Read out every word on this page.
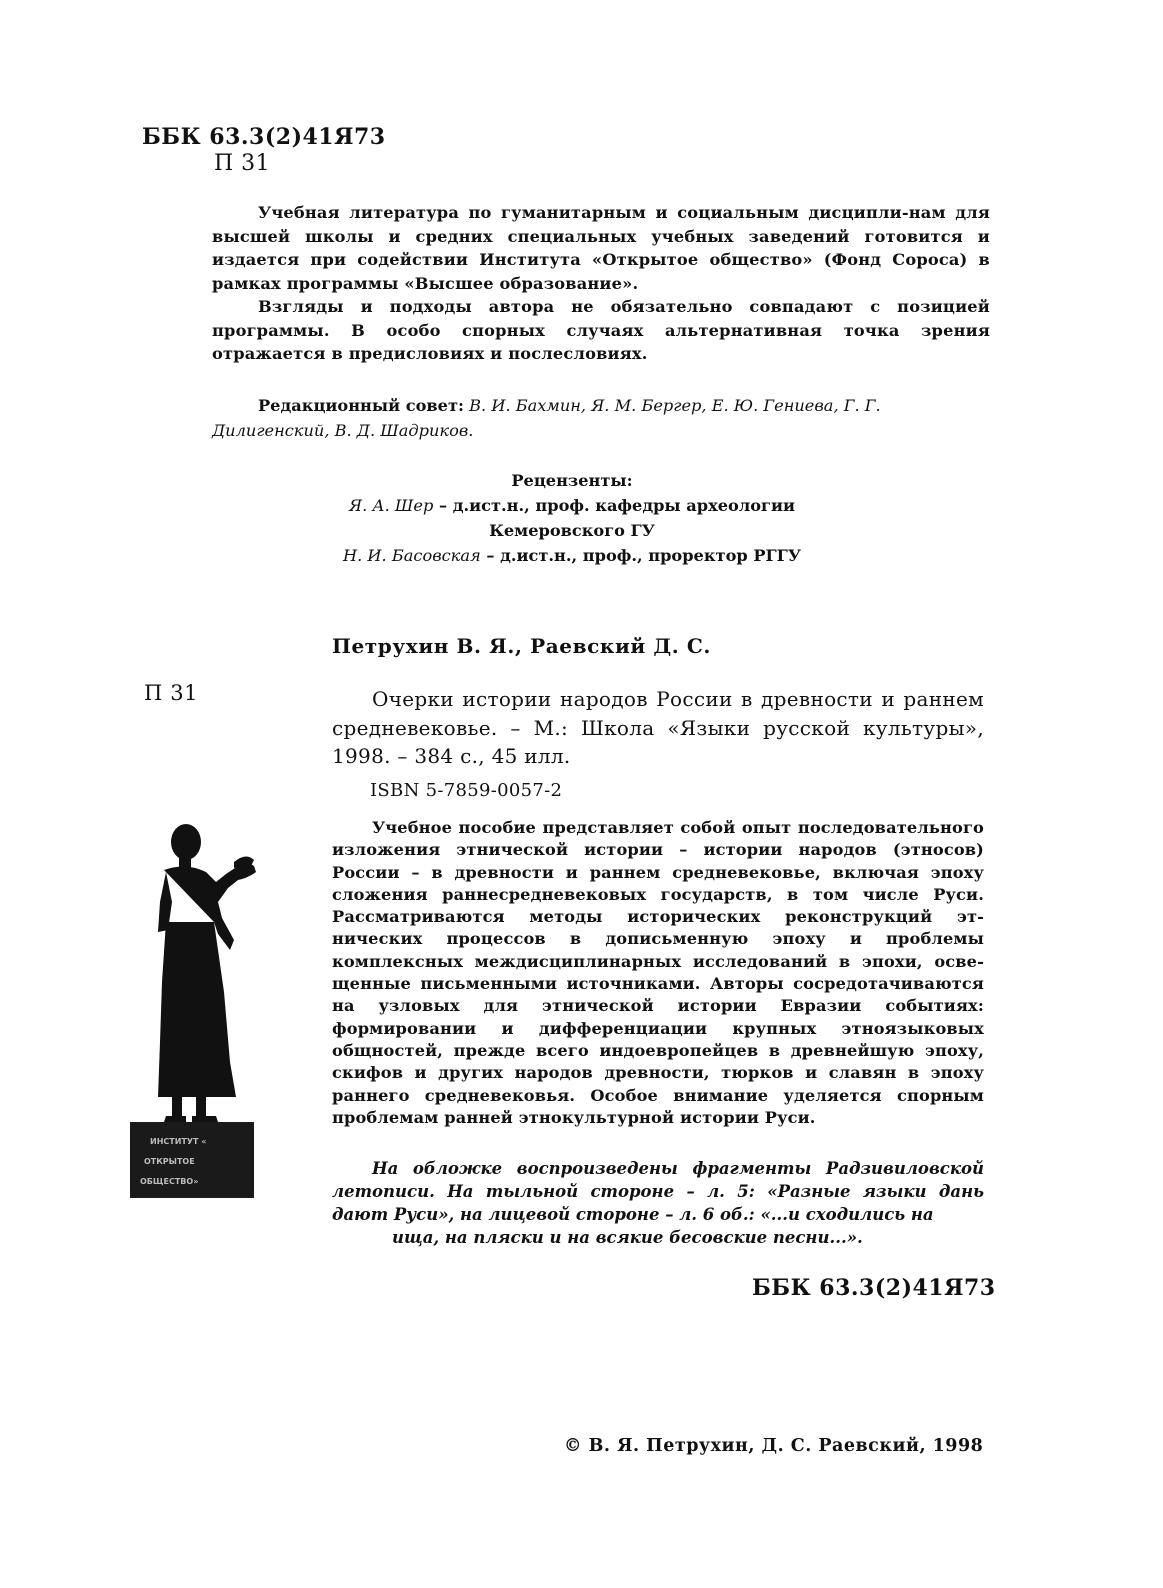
ББК 63.3(2)41Я73
П 31

Учебная литература по гуманитарным и социальным дисципли-нам для высшей школы и средних специальных учебных заведений готовится и издается при содействии Института «Открытое общество» (Фонд Сороса) в рамках программы «Высшее образование».

Взгляды и подходы автора не обязательно совпадают с позицией программы. В особо спорных случаях альтернативная точка зрения отражается в предисловиях и послесловиях.

Редакционный совет: В. И. Бахмин, Я. М. Бергер, Е. Ю. Гениева, Г. Г. Дилигенский, В. Д. Шадриков.
Рецензенты:
Я. А. Шер – д.ист.н., проф. кафедры археологии
Кемеровского ГУ
Н. И. Басовская – д.ист.н., проф., проректор РГГУ
Петрухин В. Я., Раевский Д. С.
П 31	Очерки истории народов России в древности и раннем средневековье. – М.: Школа «Языки русской культуры», 1998. – 384 с., 45 илл.
ISBN 5-7859-0057-2
Учебное пособие представляет собой опыт последовательного изложения этнической истории – истории народов (этносов) России – в древности и раннем средневековье, включая эпоху сложения раннесредневековых государств, в том числе Руси. Рассматриваются методы исторических реконструкций эт-нических процессов в дописьменную эпоху и проблемы комплексных междисциплинарных исследований в эпохи, осве-щенные письменными источниками. Авторы сосредотачиваются на узловых для этнической истории Евразии событиях: формировании и дифференциации крупных этноязыковых общностей, прежде всего индоевропейцев в древнейшую эпоху, скифов и других народов древности, тюрков и славян в эпоху раннего средневековья. Особое внимание уделяется спорным проблемам ранней этнокультурной истории Руси.
На обложке воспроизведены фрагменты Радзивиловской летописи. На тыльной стороне – л. 5: «Разные языки дань дают Руси», на лицевой стороне – л. 6 об.: «...и сходились на
ища, на пляски и на всякие бесовские песни...».
ББК 63.3(2)41Я73
© В. Я. Петрухин, Д. С. Раевский, 1998
ИНСТИТУТ «
ОТКРЫТОЕ
ОБЩЕСТВО»
